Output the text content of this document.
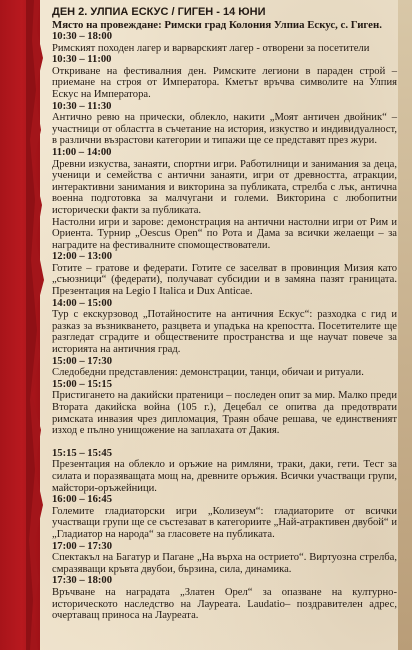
ДЕН 2. УЛПИА ЕСКУС / ГИГЕН - 14 ЮНИ
Място на провеждане: Римски град Колония Улпиа Ескус, с. Гиген.
10:30 – 18:00
Римският походен лагер и варварският лагер - отворени за посетители
10:30 – 11:00
Откриване на фестивалния ден. Римските легиони в парадeн строй – приемане на строя от Императора. Кметът връчва символите на Улпия Ескус на Императора.
10:30 – 11:30
Античнo ревю на прически, облекло, накити „Моят античен двойник“ – участници от областта в съчетание на история, изкуство и индивидуалност, в различни възрастови категории и типажи ще се представят през жури.
11:00 – 14:00
Древни изкуства, занаяти, спортни игри. Работилници и занимания за деца, ученици и семейства с антични занаяти, игри от древността, атракции, интерактивни занимания и викторина за публиката, стрелба с лък, антична военна подготовка за малчугани и големи. Викторина с любопитни исторически факти за публиката.
Настолни игри и зарове: демонстрация на антични настолни игри от Рим и Ориента. Турнир „Oescus Open“ по Рота и Дама за всички желаещи – за наградите на фестивалните спомоществователи.
12:00 – 13:00
Готите – гратове и федерати. Готите се заселват в провинция Мизия като „съюзници“ (федерати), получават субсидии и в замяна пазят границата. Презентация на Legio I Italica и Dux Anticae.
14:00 – 15:00
Тур с екскурзовод „Потайностите на античния Ескус“: разходка с гид и разказ за възникването, разцвета и упадъка на крепостта. Посетителите ще разгледат сградите и обществените пространства и ще научат повече за историята на античния град.
15:00 – 17:30
Следобедни представления: демонстрации, танци, обичаи и ритуали.
15:00 – 15:15
Пристигането на дакийски пратеници – последен опит за мир. Малко преди Втората дакийска война (105 г.), Децебал се опитва да предотврати римската инвазия чрез дипломация, Траян обаче решава, че единственият изход е пълно унищожение на заплахата от Дакия.
15:15 – 15:45
Презентация на облекло и оръжие на римляни, траки, даки, гети. Тест за силата и поразяващата мощ на, древните оръжия. Всички участващи групи, майстори-оръжейници.
16:00 – 16:45
Големите гладиаторски игри „Колизеум“: гладиаторите от всички участващи групи ще се състезават в категориите „Най-атрактивен двубой“ и „Гладиатор на народа“ за гласовете на публиката.
17:00 – 17:30
Спектакъл на Багатур и Пагане „На върха на острието“. Виртуозна стрелба, смразяващи кръвта двубои, бързина, сила, динамика.
17:30 – 18:00
Връчване на наградата „Златен Орел“ за опазване на културно-историческото наследство на Лауреата. Laudatio– поздравителен адрес, очертаващ приноса на Лауреата.
